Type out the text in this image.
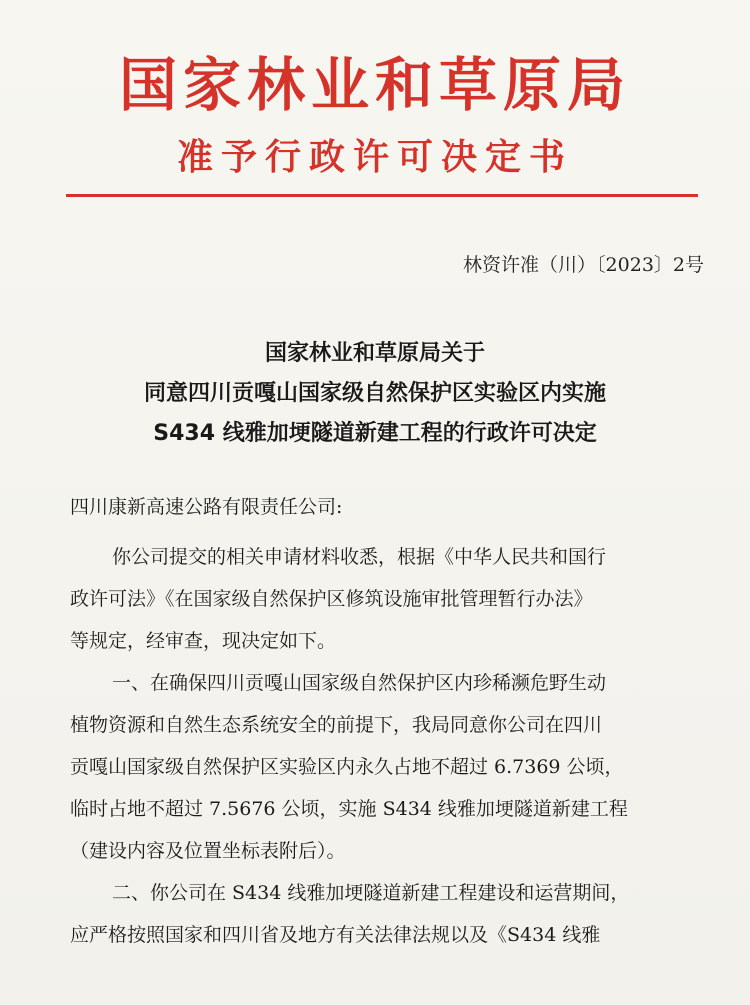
国家林业和草原局
准予行政许可决定书
林资许准（川）〔2023〕2号
国家林业和草原局关于
同意四川贡嘎山国家级自然保护区实验区内实施
S434 线雅加埂隧道新建工程的行政许可决定
四川康新高速公路有限责任公司:
你公司提交的相关申请材料收悉，根据《中华人民共和国行
政许可法》《在国家级自然保护区修筑设施审批管理暂行办法》
等规定，经审查，现决定如下。
一、在确保四川贡嘎山国家级自然保护区内珍稀濒危野生动
植物资源和自然生态系统安全的前提下，我局同意你公司在四川
贡嘎山国家级自然保护区实验区内永久占地不超过 6.7369 公顷，
临时占地不超过 7.5676 公顷，实施 S434 线雅加埂隧道新建工程
（建设内容及位置坐标表附后）。
二、你公司在 S434 线雅加埂隧道新建工程建设和运营期间，
应严格按照国家和四川省及地方有关法律法规以及《S434 线雅
